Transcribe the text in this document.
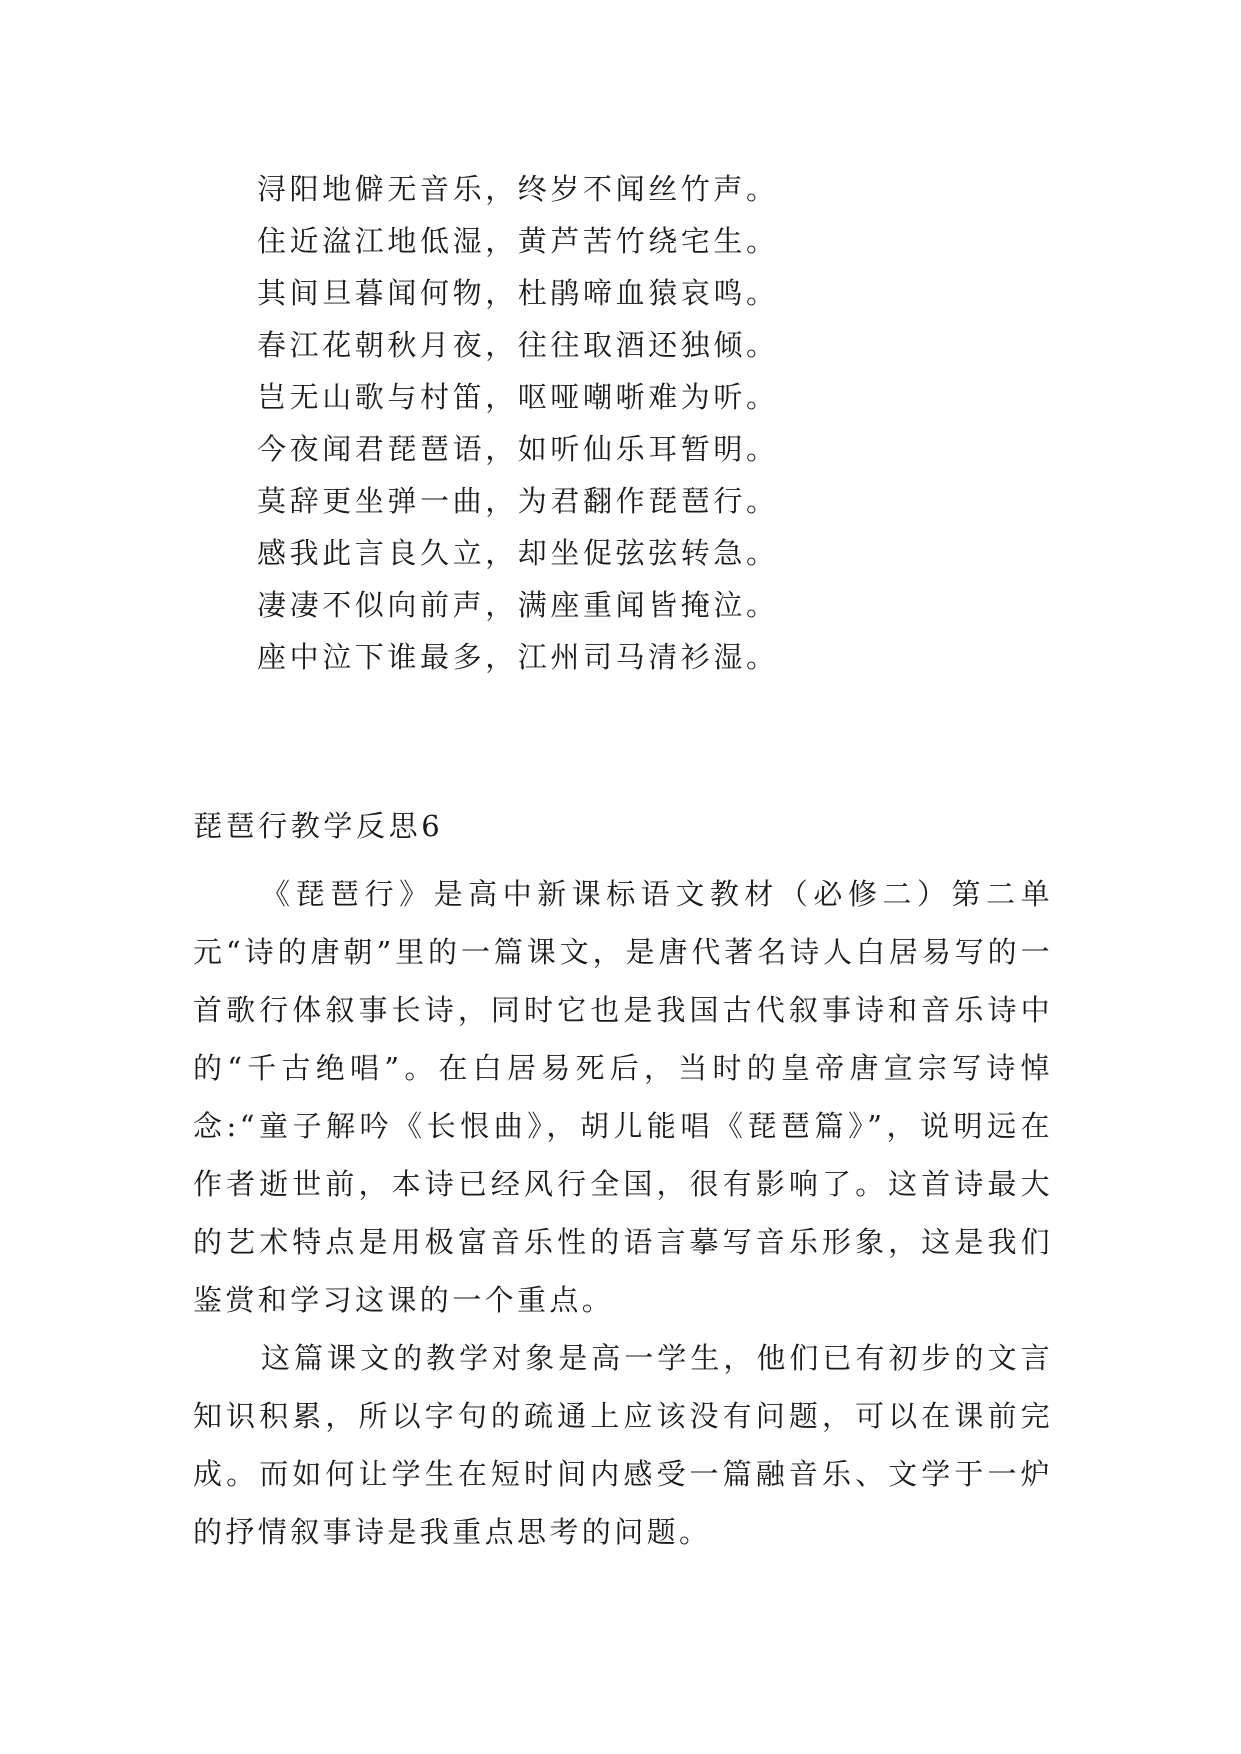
浔阳地僻无音乐，终岁不闻丝竹声。
住近湓江地低湿，黄芦苦竹绕宅生。
其间旦暮闻何物，杜鹃啼血猿哀鸣。
春江花朝秋月夜，往往取酒还独倾。
岂无山歌与村笛，呕哑嘲哳难为听。
今夜闻君琵琶语，如听仙乐耳暂明。
莫辞更坐弹一曲，为君翻作琵琶行。
感我此言良久立，却坐促弦弦转急。
凄凄不似向前声，满座重闻皆掩泣。
座中泣下谁最多，江州司马清衫湿。
琵琶行教学反思6

《琵琶行》是高中新课标语文教材（必修二）第二单元“诗的唐朝”里的一篇课文，是唐代著名诗人白居易写的一首歌行体叙事长诗，同时它也是我国古代叙事诗和音乐诗中的“千古绝唱”。在白居易死后，当时的皇帝唐宣宗写诗悼念:“童子解吟《长恨曲》，胡儿能唱《琵琶篇》”，说明远在作者逝世前，本诗已经风行全国，很有影响了。这首诗最大的艺术特点是用极富音乐性的语言摹写音乐形象，这是我们鉴赏和学习这课的一个重点。

这篇课文的教学对象是高一学生，他们已有初步的文言知识积累，所以字句的疏通上应该没有问题，可以在课前完成。而如何让学生在短时间内感受一篇融音乐、文学于一炉的抒情叙事诗是我重点思考的问题。
